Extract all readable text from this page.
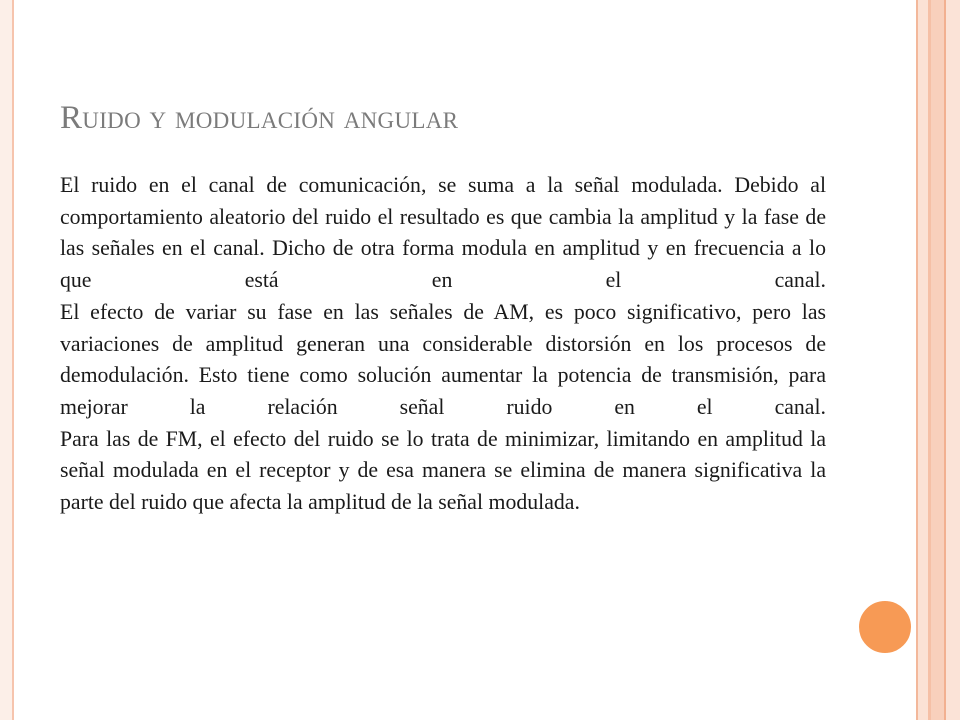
Ruido y modulación angular
El ruido en el canal de comunicación, se suma a la señal modulada. Debido al comportamiento aleatorio del ruido el resultado es que cambia la amplitud y la fase de las señales en el canal. Dicho de otra forma modula en amplitud y en frecuencia a lo que está en el canal.
El efecto de variar su fase en las señales de AM, es poco significativo, pero las variaciones de amplitud generan una considerable distorsión en los procesos de demodulación. Esto tiene como solución aumentar la potencia de transmisión, para mejorar la relación señal ruido en el canal.
Para las de FM, el efecto del ruido se lo trata de minimizar, limitando en amplitud la señal modulada en el receptor y de esa manera se elimina de manera significativa la parte del ruido que afecta la amplitud de la señal modulada.
